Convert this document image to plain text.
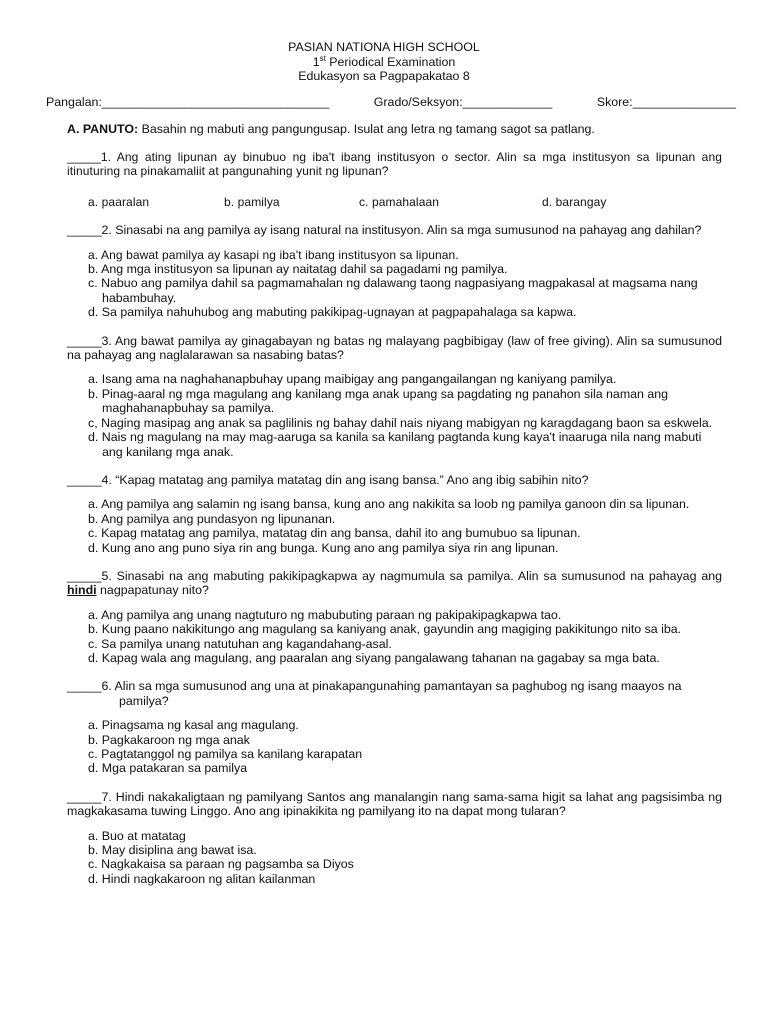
PASIAN NATIONA HIGH SCHOOL
1st Periodical Examination
Edukasyon sa Pagpapakatao 8
Pangalan:_________________________________	Grado/Seksyon:_____________	Skore:_______________
A. PANUTO: Basahin ng mabuti ang pangungusap. Isulat ang letra ng tamang sagot sa patlang.
_____1. Ang ating lipunan ay binubuo ng iba't ibang institusyon o sector. Alin sa mga institusyon sa lipunan ang itinuturing na pinakamaliit at pangunahing yunit ng lipunan?
a. paaralan	b. pamilya	c. pamahalaan	d. barangay
_____2. Sinasabi na ang pamilya ay isang natural na institusyon. Alin sa mga sumusunod na pahayag ang dahilan?
a. Ang bawat pamilya ay kasapi ng iba't ibang institusyon sa lipunan.
b. Ang mga institusyon sa lipunan ay naitatag dahil sa pagadami ng pamilya.
c. Nabuo ang pamilya dahil sa pagmamahalan ng dalawang taong nagpasiyang magpakasal at magsama nang habambuhay.
d. Sa pamilya nahuhubog ang mabuting pakikipag-ugnayan at pagpapahalaga sa kapwa.
_____3. Ang bawat pamilya ay ginagabayan ng batas ng malayang pagbibigay (law of free giving). Alin sa sumusunod na pahayag ang naglalarawan sa nasabing batas?
a. Isang ama na naghahanapbuhay upang maibigay ang pangangailangan ng kaniyang pamilya.
b. Pinag-aaral ng mga magulang ang kanilang mga anak upang sa pagdating ng panahon sila naman ang maghahanapbuhay sa pamilya.
c, Naging masipag ang anak sa paglilinis ng bahay dahil nais niyang mabigyan ng karagdagang baon sa eskwela.
d. Nais ng magulang na may mag-aaruga sa kanila sa kanilang pagtanda kung kaya't inaaruga nila nang mabuti ang kanilang mga anak.
_____4. “Kapag matatag ang pamilya matatag din ang isang bansa.” Ano ang ibig sabihin nito?
a. Ang pamilya ang salamin ng isang bansa, kung ano ang nakikita sa loob ng pamilya ganoon din sa lipunan.
b. Ang pamilya ang pundasyon ng lipunanan.
c. Kapag matatag ang pamilya, matatag din ang bansa, dahil ito ang bumubuo sa lipunan.
d. Kung ano ang puno siya rin ang bunga. Kung ano ang pamilya siya rin ang lipunan.
_____5. Sinasabi na ang mabuting pakikipagkapwa ay nagmumula sa pamilya. Alin sa sumusunod na pahayag ang hindi nagpapatunay nito?
a. Ang pamilya ang unang nagtuturo ng mabubuting paraan ng pakipakipagkapwa tao.
b. Kung paano nakikitungo ang magulang sa kaniyang anak, gayundin ang magiging pakikitungo nito sa iba.
c. Sa pamilya unang natutuhan ang kagandahang-asal.
d. Kapag wala ang magulang, ang paaralan ang siyang pangalawang tahanan na gagabay sa mga bata.
_____6. Alin sa mga sumusunod ang una at pinakapangunahing pamantayan sa paghubog ng isang maayos na pamilya?
a. Pinagsama ng kasal ang magulang.
b. Pagkakaroon ng mga anak
c. Pagtatanggol ng pamilya sa kanilang karapatan
d. Mga patakaran sa pamilya
_____7. Hindi nakakaligtaan ng pamilyang Santos ang manalangin nang sama-sama higit sa lahat ang pagsisimba ng magkakasama tuwing Linggo. Ano ang ipinakikita ng pamilyang ito na dapat mong tularan?
a. Buo at matatag
b. May disiplina ang bawat isa.
c. Nagkakaisa sa paraan ng pagsamba sa Diyos
d. Hindi nagkakaroon ng alitan kailanman
